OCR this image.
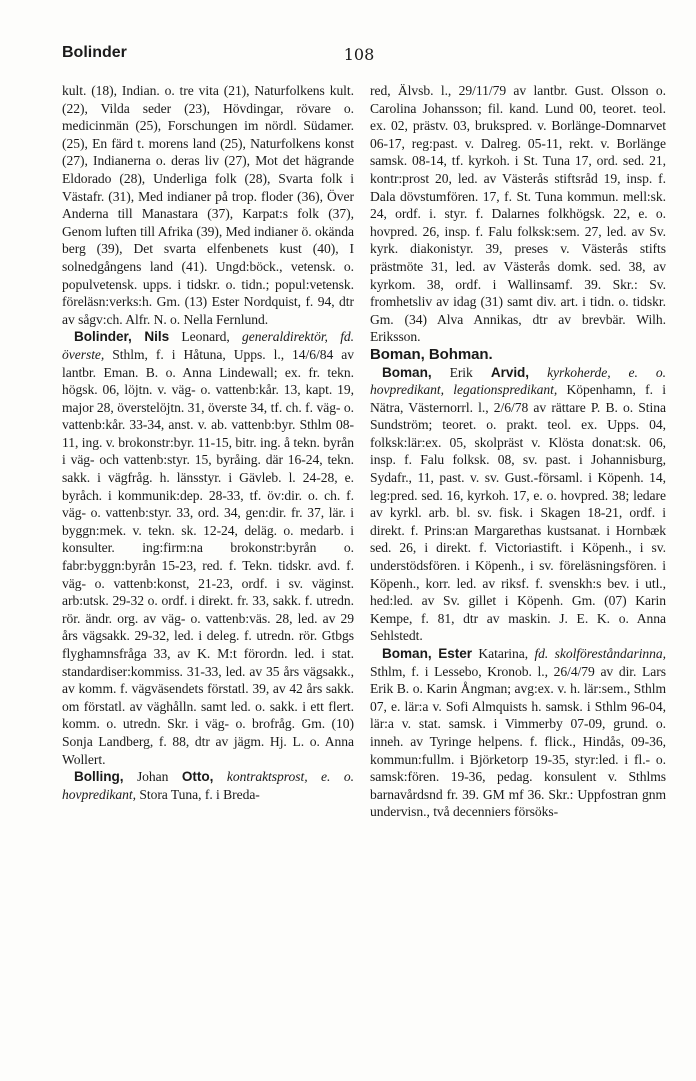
Bolinder	108

kult. (18), Indian. o. tre vita (21), Naturfolkens kult. (22), Vilda seder (23), Hövdingar, rövare o. medicinmän (25), Forschungen im nördl. Südamer. (25), En färd t. morens land (25), Naturfolkens konst (27), Indianerna o. deras liv (27), Mot det hägrande Eldorado (28), Underliga folk (28), Svarta folk i Västafr. (31), Med indianer på trop. floder (36), Över Anderna till Manastara (37), Karpat:s folk (37), Genom luften till Afrika (39), Med indianer ö. okända berg (39), Det svarta elfenbenets kust (40), I solnedgångens land (41). Ungd:böck., vetensk. o. populvetensk. upps. i tidskr. o. tidn.; popul:vetensk. föreläsn:verks:h. Gm. (13) Ester Nordquist, f. 94, dtr av sågv:ch. Alfr. N. o. Nella Fernlund.

Bolinder, Nils Leonard, generaldirektör, fd. överste, Sthlm, f. i Håtuna, Upps. l., 14/6/84 av lantbr. Eman. B. o. Anna Lindewall; ex. fr. tekn. högsk. 06, löjtn. v. väg- o. vattenb:kår. 13, kapt. 19, major 28, överstelöjtn. 31, överste 34, tf. ch. f. väg- o. vattenb:kår. 33-34, anst. v. ab. vattenb:byr. Sthlm 08-11, ing. v. brokonstr:byr. 11-15, bitr. ing. å tekn. byrån i väg- och vattenb:styr. 15, byråing. där 16-24, tekn. sakk. i vägfråg. h. länsstyr. i Gävleb. l. 24-28, e. byråch. i kommunik:dep. 28-33, tf. öv:dir. o. ch. f. väg- o. vattenb:styr. 33, ord. 34, gen:dir. fr. 37, lär. i byggn:mek. v. tekn. sk. 12-24, deläg. o. medarb. i konsulter. ing:firm:na brokonstr:byrån o. fabr:byggn:byrån 15-23, red. f. Tekn. tidskr. avd. f. väg- o. vattenb:konst, 21-23, ordf. i sv. väginst. arb:utsk. 29-32 o. ordf. i direkt. fr. 33, sakk. f. utredn. rör. ändr. org. av väg- o. vattenb:väs. 28, led. av 29 års vägsakk. 29-32, led. i deleg. f. utredn. rör. Gtbgs flyghamnsfråga 33, av K. M:t förordn. led. i stat. standardiser:kommiss. 31-33, led. av 35 års vägsakk., av komm. f. vägväsendets förstatl. 39, av 42 års sakk. om förstatl. av väghålln. samt led. o. sakk. i ett flert. komm. o. utredn. Skr. i väg- o. brofråg. Gm. (10) Sonja Landberg, f. 88, dtr av jägm. Hj. L. o. Anna Wollert.

Bolling, Johan Otto, kontraktsprost, e. o. hovpredikant, Stora Tuna, f. i Breda-

red, Älvsb. l., 29/11/79 av lantbr. Gust. Olsson o. Carolina Johansson; fil. kand. Lund 00, teoret. teol. ex. 02, prästv. 03, brukspred. v. Borlänge-Domnarvet 06-17, reg:past. v. Dalreg. 05-11, rekt. v. Borlänge samsk. 08-14, tf. kyrkoh. i St. Tuna 17, ord. sed. 21, kontr:prost 20, led. av Västerås stiftsråd 19, insp. f. Dala dövstumfören. 17, f. St. Tuna kommun. mell:sk. 24, ordf. i. styr. f. Dalarnes folkhögsk. 22, e. o. hovpred. 26, insp. f. Falu folksk:sem. 27, led. av Sv. kyrk. diakonistyr. 39, preses v. Västerås stifts prästmöte 31, led. av Västerås domk. sed. 38, av kyrkom. 38, ordf. i Wallinsamf. 39. Skr.: Sv. fromhetsliv av idag (31) samt div. art. i tidn. o. tidskr. Gm. (34) Alva Annikas, dtr av brevbär. Wilh. Eriksson.

Boman, Bohman.

Boman, Erik Arvid, kyrkoherde, e. o. hovpredikant, legationspredikant, Köpenhamn, f. i Nätra, Västernorrl. l., 2/6/78 av rättare P. B. o. Stina Sundström; teoret. o. prakt. teol. ex. Upps. 04, folksk:lär:ex. 05, skolpräst v. Klösta donat:sk. 06, insp. f. Falu folksk. 08, sv. past. i Johannisburg, Sydafr., 11, past. v. sv. Gust.-församl. i Köpenh. 14, leg:pred. sed. 16, kyrkoh. 17, e. o. hovpred. 38; ledare av kyrkl. arb. bl. sv. fisk. i Skagen 18-21, ordf. i direkt. f. Prins:an Margarethas kustsanat. i Hornbæk sed. 26, i direkt. f. Victoriastift. i Köpenh., i sv. understödsfören. i Köpenh., i sv. föreläsningsfören. i Köpenh., korr. led. av riksf. f. svenskh:s bev. i utl., hed:led. av Sv. gillet i Köpenh. Gm. (07) Karin Kempe, f. 81, dtr av maskin. J. E. K. o. Anna Sehlstedt.

Boman, Ester Katarina, fd. skolföreståndarinna, Sthlm, f. i Lessebo, Kronob. l., 26/4/79 av dir. Lars Erik B. o. Karin Ångman; avg:ex. v. h. lär:sem., Sthlm 07, e. lär:a v. Sofi Almquists h. samsk. i Sthlm 96-04, lär:a v. stat. samsk. i Vimmerby 07-09, grund. o. inneh. av Tyringe helpens. f. flick., Hindås, 09-36, kommun:fullm. i Björketorp 19-35, styr:led. i fl.- o. samsk:fören. 19-36, pedag. konsulent v. Sthlms barnavårdsnd fr. 39. GM mf 36. Skr.: Uppfostran gnm undervisn., två decenniers försöks-
